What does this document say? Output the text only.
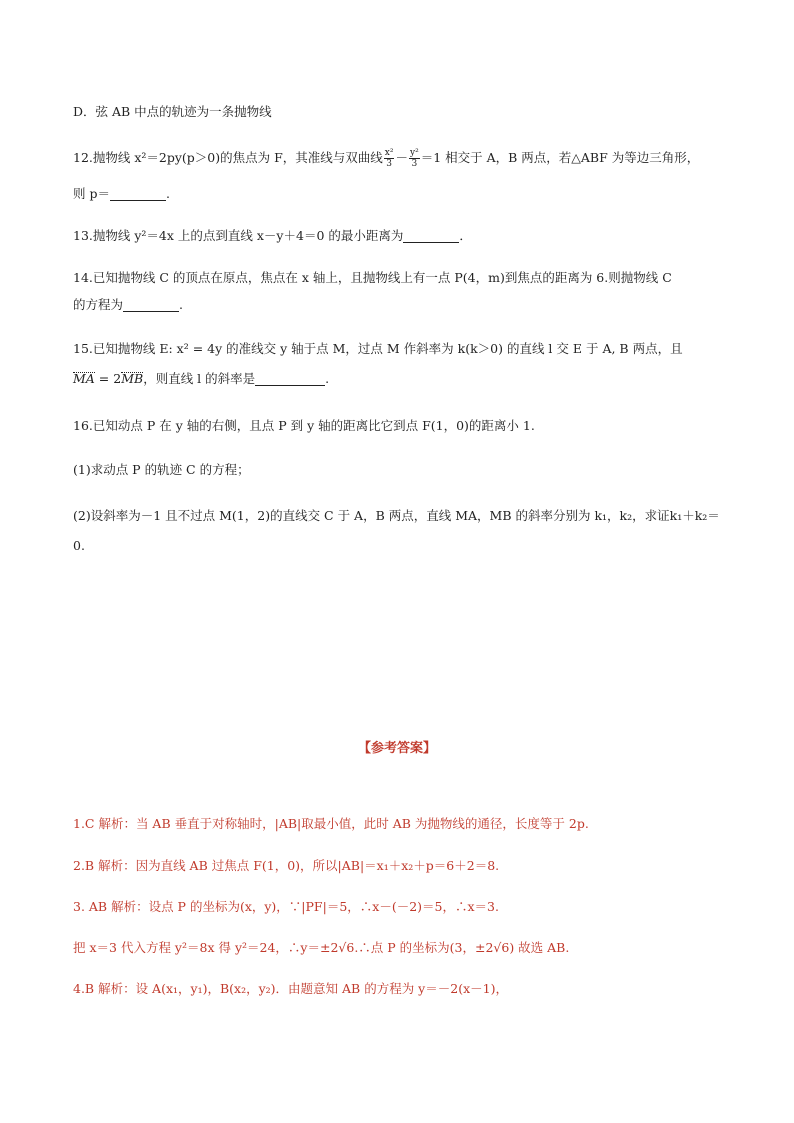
D．弦 AB 中点的轨迹为一条抛物线
12.抛物线 x²＝2py(p＞0)的焦点为 F，其准线与双曲线 $\frac{\text{x²}}{3} - \frac{\text{y²}}{3} =1$ 相交于 A，B 两点，若△ABF 为等边三角形，
则 p＝	.
13.抛物线 y²＝4x 上的点到直线 x－y＋4＝0 的最小距离为	．
14.已知抛物线 C 的顶点在原点，焦点在 x 轴上，且抛物线上有一点 P(4，m)到焦点的距离为 6.则抛物线 C
的方程为	.
15.已知抛物线 E: x² = 4y 的准线交 y 轴于点 M，过点 M 作斜率为 k(k＞0) 的直线 l 交 E 于 A, B 两点，且
MA = 2MB，则直线 l 的斜率是	.
16.已知动点 P 在 y 轴的右侧，且点 P 到 y 轴的距离比它到点 F(1，0)的距离小 1.
(1)求动点 P 的轨迹 C 的方程；
(2)设斜率为－1 且不过点 M(1，2)的直线交 C 于 A，B 两点，直线 MA，MB 的斜率分别为 k₁，k₂，求证k₁＋k₂＝
0.
【参考答案】
1.C 解析：当 AB 垂直于对称轴时，|AB|取最小值，此时 AB 为抛物线的通径，长度等于 2p.
2.B 解析：因为直线 AB 过焦点 F(1，0)，所以|AB|＝x₁＋x₂＋p＝6＋2＝8.
3. AB 解析：设点 P 的坐标为(x，y)，∵|PF|＝5，∴x－(－2)＝5，∴x＝3.
把 x＝3 代入方程 y²＝8x 得 y²＝24，∴y＝±2√6.∴点 P 的坐标为(3，±2√6) 故选 AB.
4.B 解析：设 A(x₁，y₁)，B(x₂，y₂)．由题意知 AB 的方程为 y＝－2(x－1)，
